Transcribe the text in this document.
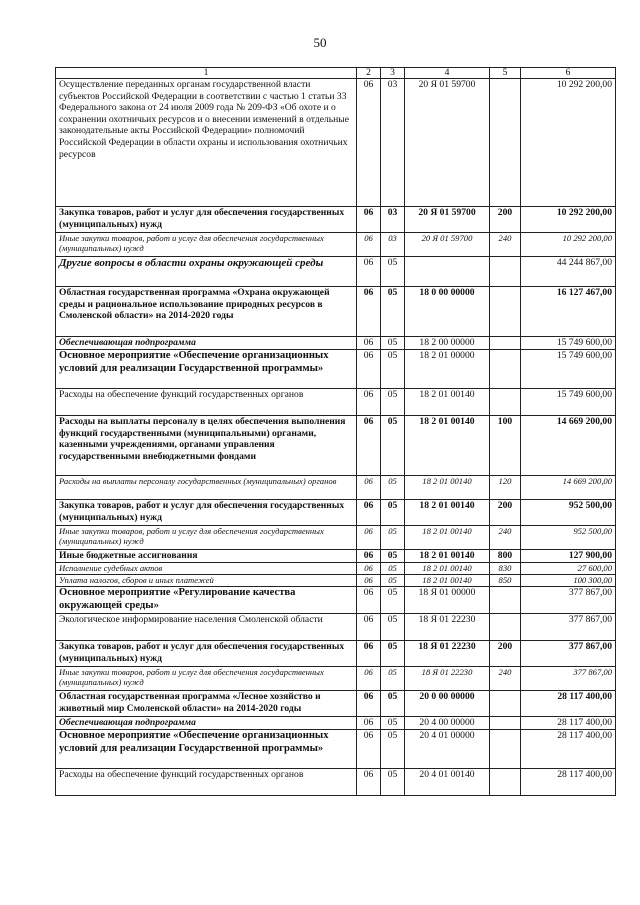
50
1	2	3	4	5	6
Осуществление переданных органам государственной власти субъектов Российской Федерации в соответствии с частью 1 статьи 33 Федерального закона от 24 июля 2009 года № 209-ФЗ «Об охоте и о сохранении охотничьих ресурсов и о внесении изменений в отдельные законодательные акты Российской Федерации» полномочий Российской Федерации в области охраны и использования охотничьих ресурсов	06	03	20 Я 01 59700		10 292 200,00
Закупка товаров, работ и услуг для обеспечения государственных (муниципальных) нужд	06	03	20 Я 01 59700	200	10 292 200,00
Иные закупки товаров, работ и услуг для обеспечения государственных (муниципальных) нужд	06	03	20 Я 01 59700	240	10 292 200,00
Другие вопросы в области охраны окружающей среды	06	05			44 244 867,00
Областная государственная программа «Охрана окружающей среды и рациональное использование природных ресурсов в Смоленской области» на 2014-2020 годы	06	05	18 0 00 00000		16 127 467,00
Обеспечивающая подпрограмма	06	05	18 2 00 00000		15 749 600,00
Основное мероприятие «Обеспечение организационных условий для реализации Государственной программы»	06	05	18 2 01 00000		15 749 600,00
Расходы на обеспечение функций государственных органов	06	05	18 2 01 00140		15 749 600,00
Расходы на выплаты персоналу в целях обеспечения выполнения функций государственными (муниципальными) органами, казенными учреждениями, органами управления государственными внебюджетными фондами	06	05	18 2 01 00140	100	14 669 200,00
Расходы на выплаты персоналу государственных (муниципальных) органов	06	05	18 2 01 00140	120	14 669 200,00
Закупка товаров, работ и услуг для обеспечения государственных (муниципальных) нужд	06	05	18 2 01 00140	200	952 500,00
Иные закупки товаров, работ и услуг для обеспечения государственных (муниципальных) нужд	06	05	18 2 01 00140	240	952 500,00
Иные бюджетные ассигнования	06	05	18 2 01 00140	800	127 900,00
Исполнение судебных актов	06	05	18 2 01 00140	830	27 600,00
Уплата налогов, сборов и иных платежей	06	05	18 2 01 00140	850	100 300,00
Основное мероприятие «Регулирование качества окружающей среды»	06	05	18 Я 01 00000		377 867,00
Экологическое информирование населения Смоленской области	06	05	18 Я 01 22230		377 867,00
Закупка товаров, работ и услуг для обеспечения государственных (муниципальных) нужд	06	05	18 Я 01 22230	200	377 867,00
Иные закупки товаров, работ и услуг для обеспечения государственных (муниципальных) нужд	06	05	18 Я 01 22230	240	377 867,00
Областная государственная программа «Лесное хозяйство и животный мир Смоленской области» на 2014-2020 годы	06	05	20 0 00 00000		28 117 400,00
Обеспечивающая подпрограмма	06	05	20 4 00 00000		28 117 400,00
Основное мероприятие «Обеспечение организационных условий для реализации Государственной программы»	06	05	20 4 01 00000		28 117 400,00
Расходы на обеспечение функций государственных органов	06	05	20 4 01 00140		28 117 400,00
